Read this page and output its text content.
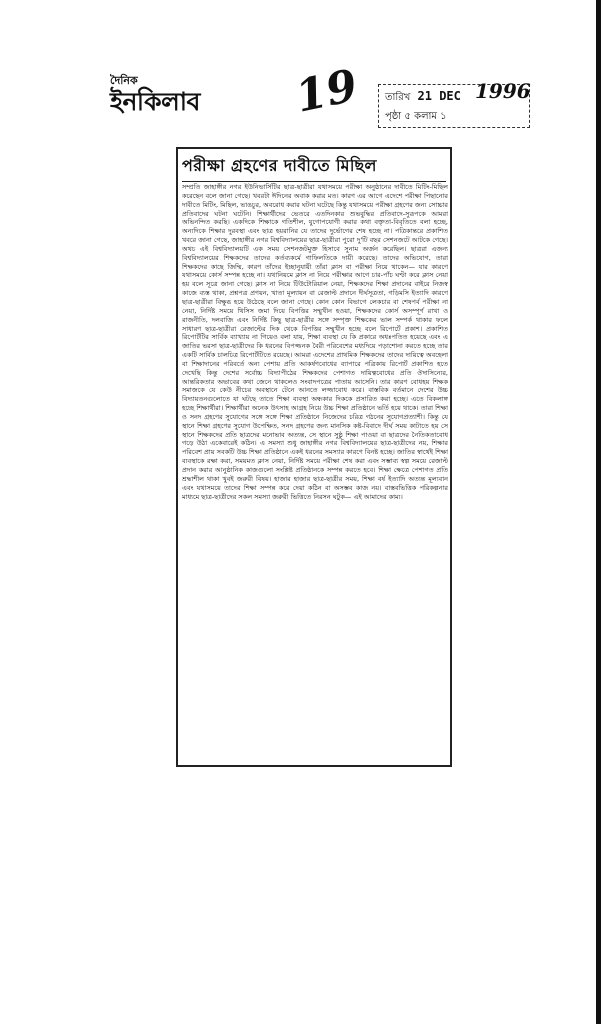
দৈনিক
ইনকিলাব	19 তারিখ 21 DEC 1996
পৃষ্ঠা ৫ কলাম ১
পরীক্ষা গ্রহণের দাবীতে মিছিল
সম্প্রতি জাহাঙ্গীর নগর ইউনিভার্সিটির ছাত্র-ছাত্রীরা যথাসময়ে পরীক্ষা অনুষ্ঠানের দাবীতে মিটিং-মিছিল করেছেন বলে জানা গেছে। খবরটা ঈদিনের অবাক করার মত। কারণ এর আগে এদেশে পরীক্ষা পিছানোর দাবীতে মিটিং, মিছিল, ভাঙচুর, অবরোধ করার ঘটনা ঘটেছে কিন্তু যথাসময়ে পরীক্ষা গ্রহণের জন্য সোচ্চার প্রতিবাদের ঘটনা ঘটেনি। শিক্ষার্থীদের ভেতরে এতদিনকার শুভবুদ্ধির প্রতিবাদে-সুরূপকে আমরা অভিনন্দিত করছি। একদিকে শিক্ষাকে গতিশীল, যুগোপযোগী করার কথা বক্তৃতা-বিবৃতিতে বলা হচ্ছে, অন্যদিকে শিক্ষার দুরবস্থা এবং ছাত্র হয়রানির যে তাদের দুর্ভোগের শেষ হচ্ছে না। পত্রিকান্তরে প্রকাশিত খবরে জানা গেছে, জাহাঙ্গীর নগর বিশ্ববিদ্যালয়ের ছাত্র-ছাত্রীরা পুরো দু'টি বছর সেশনজটে আটকে গেছে। অথচ এই বিশ্ববিদ্যালয়টি এক সময় সেশনজটমুক্ত হিসাবে সুনাম অর্জন করেছিল। ছাত্ররা এজন্য বিশ্ববিদ্যালয়ের শিক্ষকদের তাদের কর্তব্যকর্মে গাফিলতিকে দায়ী করেছে। তাদের অভিযোগ, তারা শিক্ষকদের কাছে জিম্মি, কারণ তাঁদের ইচ্ছানুযায়ী তাঁরা ক্লাস বা পরীক্ষা নিয়ে থাকেন— যার কারণে যথাসময়ে কোর্স সম্পন্ন হচ্ছে না। যথানিয়মে ক্লাস না নিয়ে পরীক্ষার আগে চার-পাঁচ ঘণ্টা করে ক্লাস নেয়া হয় বলে সূত্রে জানা গেছে। ক্লাস না নিয়ে টিউটোরিয়াল নেয়া, শিক্ষকদের শিক্ষা প্রদানের বাইরে নিজস্ব কাজে ব্যস্ত থাকা, প্রশ্নপত্র প্রণয়ন, খাতা মূল্যায়ন বা রেজাল্ট প্রদানে দীর্ঘসূত্রতা, গড়িমসি ইত্যাদি কারণে ছাত্র-ছাত্রীরা বিক্ষুব্ধ হয়ে উঠেছে বলে জানা গেছে। কোন কোন বিভাগে লেকচার বা শেষপর্ব পরীক্ষা না নেয়া, নির্দিষ্ট সময়ে থিসিস জমা দিয়ে বিপত্তির সম্মুখীন হওয়া, শিক্ষকদের কোর্স অসম্পূর্ণ রাখা ও রাজনীতি, দলবাজি এবং নির্দিষ্ট কিছু ছাত্র-ছাত্রীর সঙ্গে সম্পৃক্ত শিক্ষকের ভাল সম্পর্ক থাকার ফলে সাধারণ ছাত্র-ছাত্রীরা রেজাল্টের দিক থেকে বিপত্তির সম্মুখীন হচ্ছে বলে রিপোর্টে প্রকাশ। প্রকাশিত রিপোর্টটির সার্বিক ব্যাখ্যায় না গিয়েও বলা যায়, শিক্ষা ব্যবস্থা যে কি প্রকারে অধঃপতিত হয়েছে এবং এ জাতির ভরসা ছাত্র-ছাত্রীদের কি ধরনের বিপজ্জনক বৈরী পরিবেশের মধ্যদিয়ে পড়াশোনা করতে হচ্ছে তার একটি সার্বিক চালচিত্র রিপোর্টটিতে রয়েছে। আমরা এদেশের প্রাথমিক শিক্ষকদের তাদের দায়িত্বে অবহেলা বা শিক্ষাদানের পরিবর্তে অন্য পেশায় প্রতি আকর্ষণবোধের ব্যাপারে পত্রিকায় রিপোর্ট প্রকাশিত হতে দেখেছি কিন্তু দেশের সর্বোচ্চ বিদ্যাপীঠের শিক্ষকদের পেশাগত দায়িত্ববোধের প্রতি ঔদাসিন্যের, আন্তরিকতার অভাবের কথা জেনে থাকলেও সংবাদপত্রের পাতায় আসেনি। তার কারণ বোধহয় শিক্ষক সমাজকে যে কেউ নীচের অবস্থানে টেনে আনতে লজ্জাবোধ করে। বাস্তবিক বর্তমানে দেশের উচ্চ বিদ্যায়তনগুলোতে যা ঘটছে তাতে শিক্ষা ব্যবস্থা অন্ধকার দিককে প্রসারিত করা হচ্ছে। এতে বিকলাঙ্গ হচ্ছে শিক্ষার্থীরা। শিক্ষার্থীরা অনেক উৎসাহ আগ্রহ নিয়ে উচ্চ শিক্ষা প্রতিষ্ঠানে ভর্তি হয়ে থাকে। তারা শিক্ষা ও সনদ গ্রহণের সুযোগের সঙ্গে সঙ্গে শিক্ষা প্রতিষ্ঠানে নিজেদের চরিত্র গঠনের সুযোগপ্রত্যাশী। কিন্তু যে স্থানে শিক্ষা গ্রহণের সুযোগ উপেক্ষিত, সনদ গ্রহণের জন্য মানসিক কষ্ট-বিবাদে দীর্ঘ সময় কাটাতে হয় সে স্থানে শিক্ষকদের প্রতি ছাত্রদের মনোভাব অত্যন্ত, সে স্থানে সুষ্ঠু শিক্ষা পাওয়া বা ছাত্রদের নৈতিকতাবোধ গড়ে উঠা একেবারেই কঠিন। এ সমস্যা শুধু জাহাঙ্গীর নগর বিশ্ববিদ্যালয়ের ছাত্র-ছাত্রীদের নয়, শিক্ষার পরিবেশ প্রায় সবকটি উচ্চ শিক্ষা প্রতিষ্ঠানে একই ধরনের সমস্যার কারণে বিনষ্ট হচ্ছে। জাতির স্বার্থেই শিক্ষা ব্যবস্থাকে রক্ষা করা, সময়মত ক্লাস নেয়া, নির্দিষ্ট সময়ে পরীক্ষা শেষ করা এবং সম্ভাব্য স্বল্প সময়ে রেজাল্ট প্রদান করার আনুষ্ঠানিক কাজগুলো সংশ্লিষ্ট প্রতিষ্ঠানকে সম্পন্ন করতে হবে। শিক্ষা ক্ষেত্রে পেশাগত প্রতি শ্রদ্ধাশীল থাকা খুবই জরুরী বিষয়। হাজার হাজার ছাত্র-ছাত্রীর সময়, শিক্ষা বর্ষ ইত্যাদি অত্যন্ত মূল্যবান এবং যথাসময়ে তাদের শিক্ষা সম্পন্ন করে দেয়া কঠিন বা অসম্ভব কাজ নয়। বাস্তবভিত্তিক পরিকল্পনার মাধ্যমে ছাত্র-ছাত্রীদের সকল সমস্যা জরুরী ভিত্তিতে নিরসন ঘটুক— এই আমাদের কাম্য।
